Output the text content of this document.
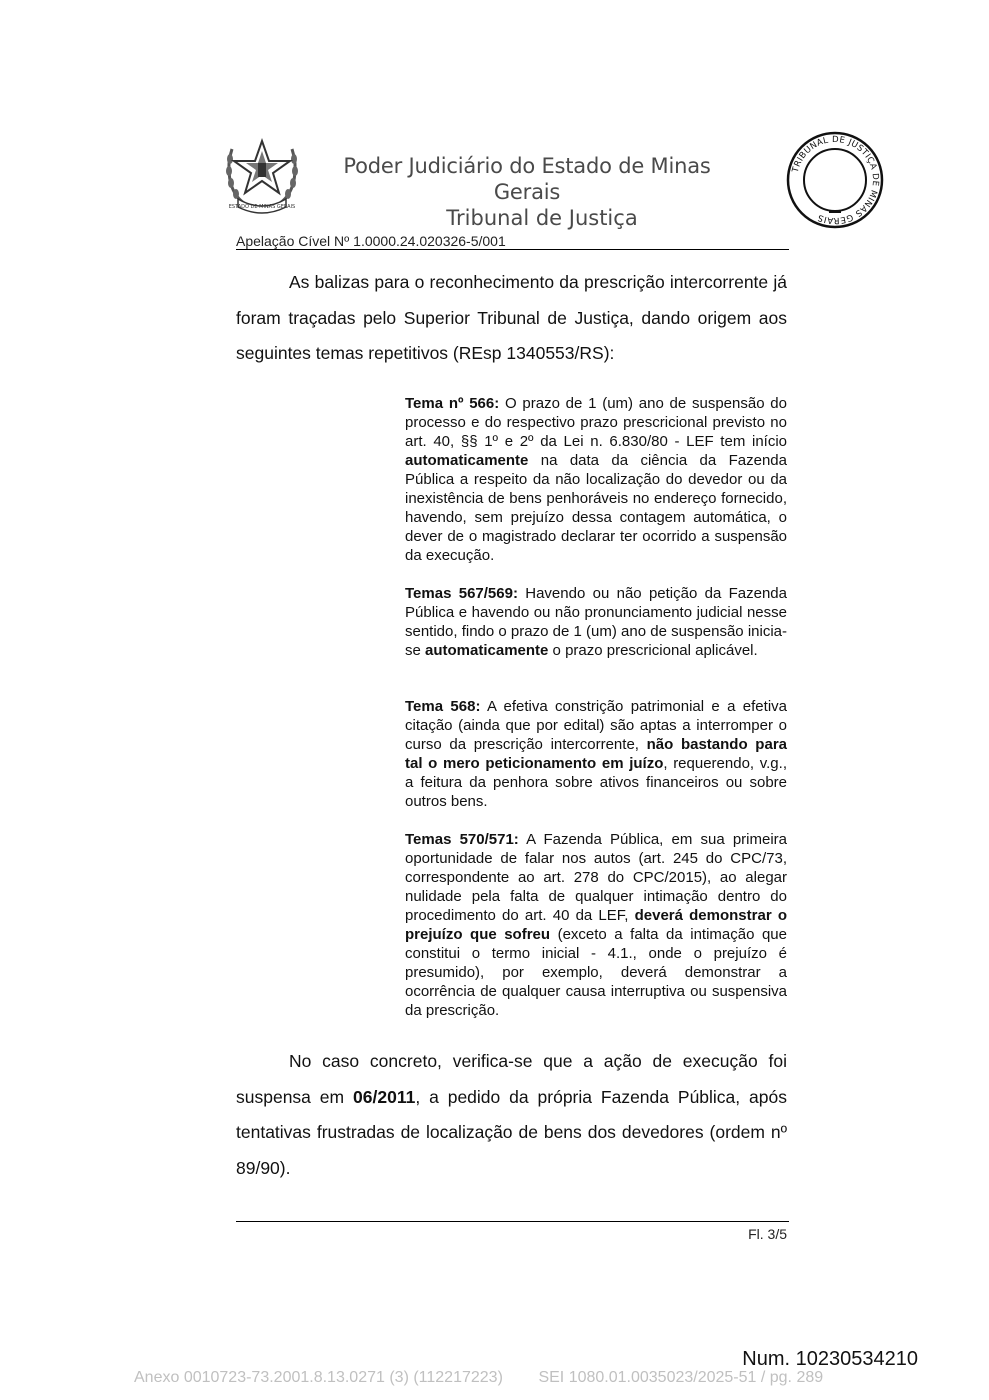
ESTADO DE MINAS GERAIS
Poder Judiciário do Estado de Minas Gerais
Tribunal de Justiça
TRIBUNAL DE JUSTIÇA DE MINAS GERAIS
Apelação Cível Nº 1.0000.24.020326-5/001
As balizas para o reconhecimento da prescrição intercorrente já foram traçadas pelo Superior Tribunal de Justiça, dando origem aos seguintes temas repetitivos (REsp 1340553/RS):
Tema nº 566: O prazo de 1 (um) ano de suspensão do processo e do respectivo prazo prescricional previsto no art. 40, §§ 1º e 2º da Lei n. 6.830/80 - LEF tem início automaticamente na data da ciência da Fazenda Pública a respeito da não localização do devedor ou da inexistência de bens penhoráveis no endereço fornecido, havendo, sem prejuízo dessa contagem automática, o dever de o magistrado declarar ter ocorrido a suspensão da execução.
Temas 567/569: Havendo ou não petição da Fazenda Pública e havendo ou não pronunciamento judicial nesse sentido, findo o prazo de 1 (um) ano de suspensão inicia-se automaticamente o prazo prescricional aplicável.
Tema 568: A efetiva constrição patrimonial e a efetiva citação (ainda que por edital) são aptas a interromper o curso da prescrição intercorrente, não bastando para tal o mero peticionamento em juízo, requerendo, v.g., a feitura da penhora sobre ativos financeiros ou sobre outros bens.
Temas 570/571: A Fazenda Pública, em sua primeira oportunidade de falar nos autos (art. 245 do CPC/73, correspondente ao art. 278 do CPC/2015), ao alegar nulidade pela falta de qualquer intimação dentro do procedimento do art. 40 da LEF, deverá demonstrar o prejuízo que sofreu (exceto a falta da intimação que constitui o termo inicial - 4.1., onde o prejuízo é presumido), por exemplo, deverá demonstrar a ocorrência de qualquer causa interruptiva ou suspensiva da prescrição.
No caso concreto, verifica-se que a ação de execução foi suspensa em 06/2011, a pedido da própria Fazenda Pública, após tentativas frustradas de localização de bens dos devedores (ordem nº 89/90).
Fl. 3/5
Num. 10230534210
Anexo 0010723-73.2001.8.13.0271 (3) (112217223)        SEI 1080.01.0035023/2025-51 / pg. 289
